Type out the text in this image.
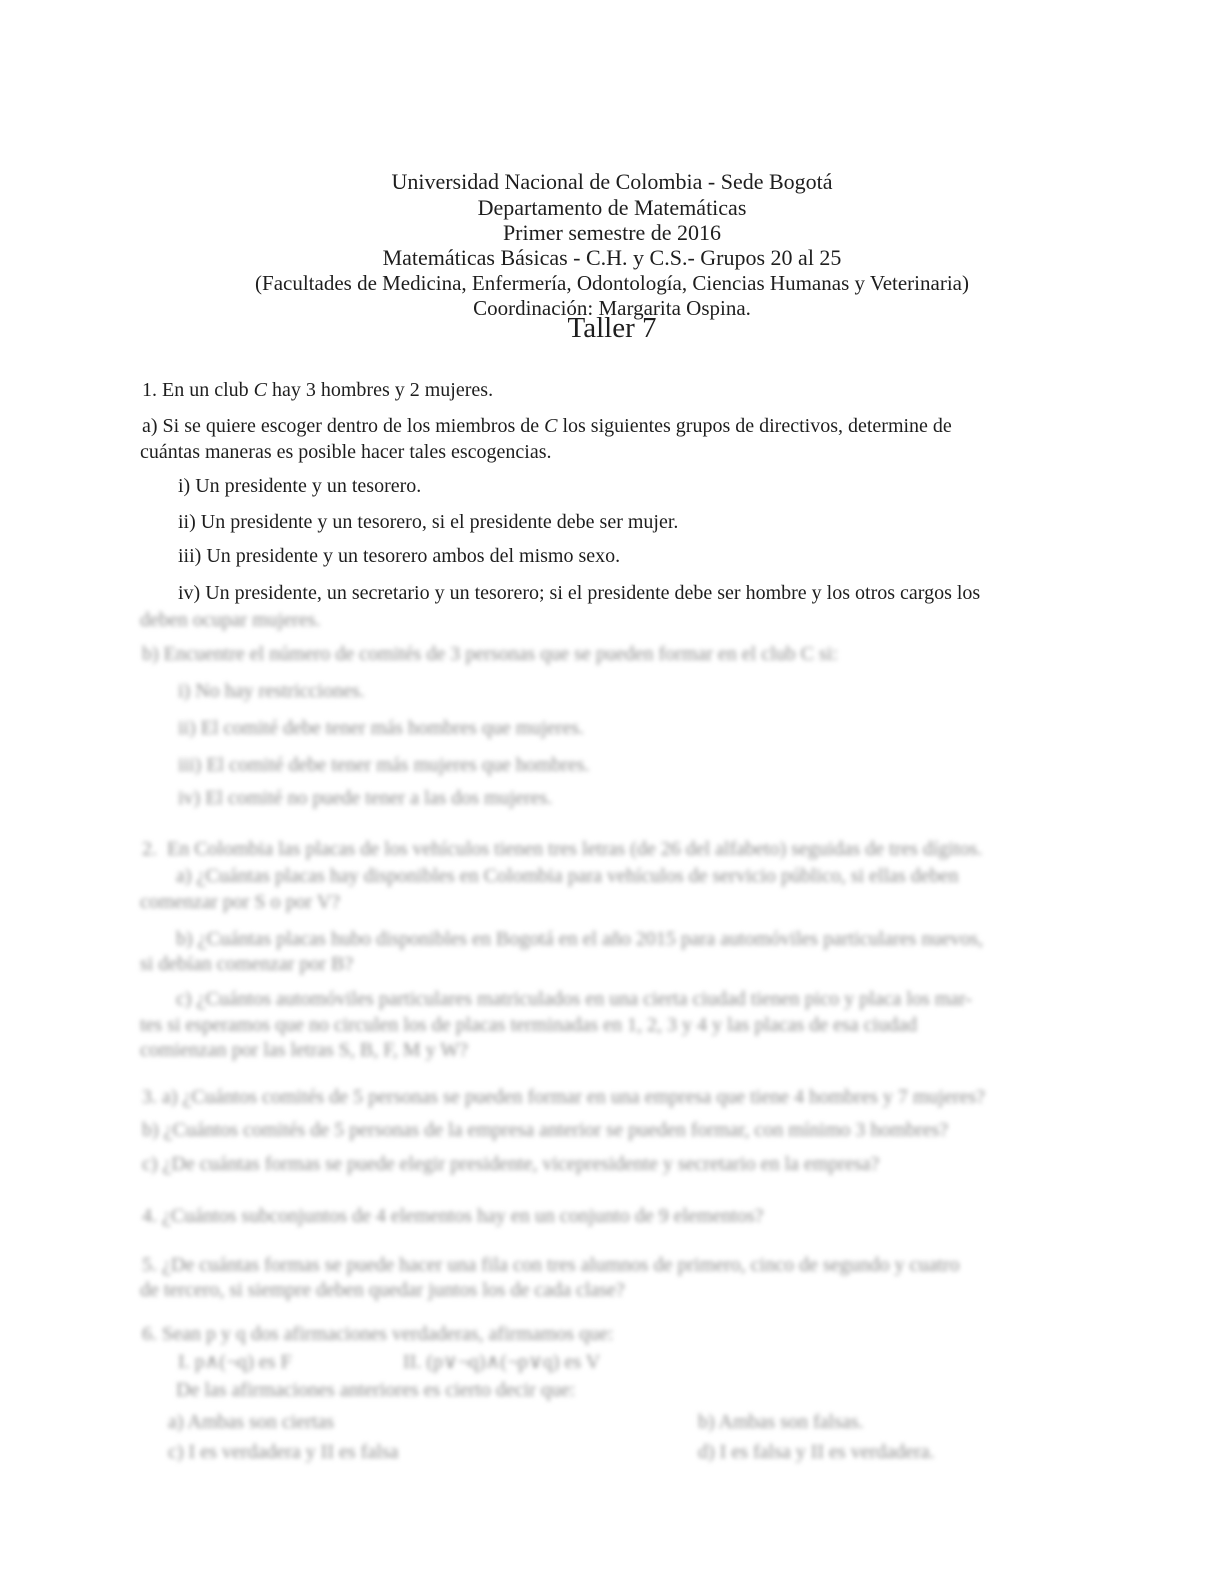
Universidad Nacional de Colombia - Sede Bogotá
Departamento de Matemáticas
Primer semestre de 2016
Matemáticas Básicas - C.H. y C.S.- Grupos 20 al 25
(Facultades de Medicina, Enfermería, Odontología, Ciencias Humanas y Veterinaria)
Coordinación: Margarita Ospina.
Taller 7
1. En un club C hay 3 hombres y 2 mujeres.
a) Si se quiere escoger dentro de los miembros de C los siguientes grupos de directivos, determine de
cuántas maneras es posible hacer tales escogencias.
i) Un presidente y un tesorero.
ii) Un presidente y un tesorero, si el presidente debe ser mujer.
iii) Un presidente y un tesorero ambos del mismo sexo.
iv) Un presidente, un secretario y un tesorero; si el presidente debe ser hombre y los otros cargos los
deben ocupar mujeres.
b) Encuentre el número de comités de 3 personas que se pueden formar en el club C si:
i) No hay restricciones.
ii) El comité debe tener más hombres que mujeres.
iii) El comité debe tener más mujeres que hombres.
iv) El comité no puede tener a las dos mujeres.
2.  En Colombia las placas de los vehículos tienen tres letras (de 26 del alfabeto) seguidas de tres dígitos.
a) ¿Cuántas placas hay disponibles en Colombia para vehículos de servicio público, si ellas deben
comenzar por S o por V?
b) ¿Cuántas placas hubo disponibles en Bogotá en el año 2015 para automóviles particulares nuevos,
si debían comenzar por B?
c) ¿Cuántos automóviles particulares matriculados en una cierta ciudad tienen pico y placa los mar-
tes si esperamos que no circulen los de placas terminadas en 1, 2, 3 y 4 y las placas de esa ciudad
comienzan por las letras S, B, F, M y W?
3. a) ¿Cuántos comités de 5 personas se pueden formar en una empresa que tiene 4 hombres y 7 mujeres?
b) ¿Cuántos comités de 5 personas de la empresa anterior se pueden formar, con mínimo 3 hombres?
c) ¿De cuántas formas se puede elegir presidente, vicepresidente y secretario en la empresa?
4. ¿Cuántos subconjuntos de 4 elementos hay en un conjunto de 9 elementos?
5. ¿De cuántas formas se puede hacer una fila con tres alumnos de primero, cinco de segundo y cuatro
de tercero, si siempre deben quedar juntos los de cada clase?
6. Sean p y q dos afirmaciones verdaderas, afirmamos que:
I. p∧(¬q) es F	II. (p∨¬q)∧(¬p∨q) es V
De las afirmaciones anteriores es cierto decir que:
a) Ambas son ciertas	b) Ambas son falsas.
c) I es verdadera y II es falsa	d) I es falsa y II es verdadera.
